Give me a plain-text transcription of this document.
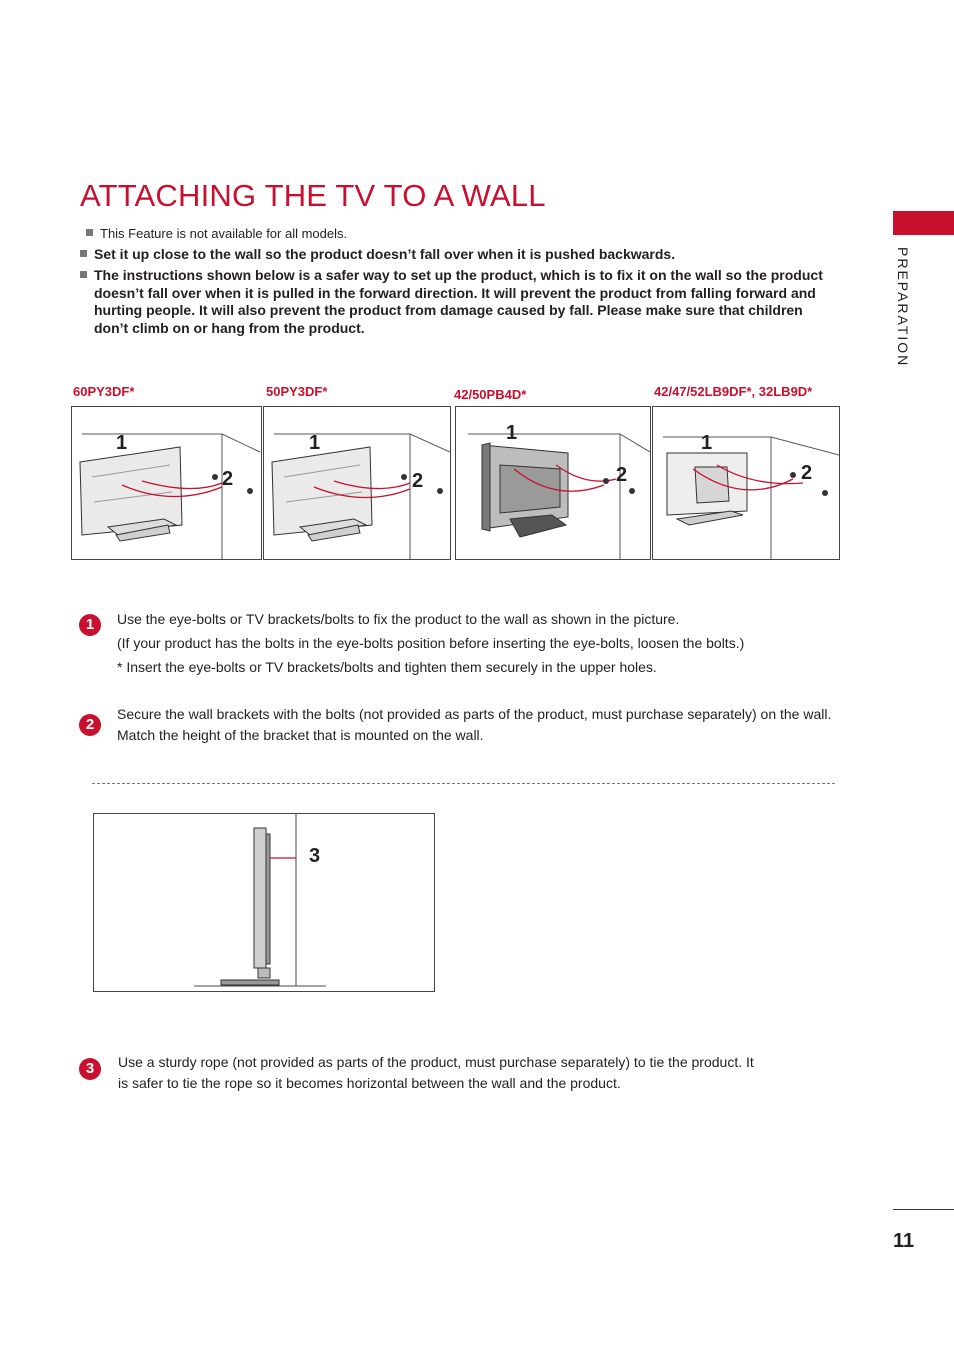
ATTACHING THE TV TO A WALL
PREPARATION
This Feature is not available for all models.
Set it up close to the wall so the product doesn’t fall over when it is pushed backwards.
The instructions shown below is a safer way to set up the product, which is to fix it on the wall so the product doesn’t fall over when it is pulled in the forward direction. It will prevent the product from falling forward and hurting people. It will also prevent the product from damage caused by fall. Please make sure that children don’t climb on or hang from the product.
60PY3DF*	50PY3DF*	42/50PB4D*	42/47/52LB9DF*, 32LB9D*
1
2
1
2
1
2
1
2
1	Use the eye-bolts or TV brackets/bolts to fix the product to the wall as shown in the picture.
(If your product has the bolts in the eye-bolts position before inserting the eye-bolts, loosen the bolts.)
* Insert the eye-bolts or TV brackets/bolts and tighten them securely in the upper holes.
2
Secure the wall brackets with the bolts (not provided as parts of the product, must purchase separately) on the wall. Match the height of the bracket that is mounted on the wall.
3
3	Use a sturdy rope (not provided as parts of the product, must purchase separately) to tie the product. It is safer to tie the rope so it becomes horizontal between the wall and the product.
11
